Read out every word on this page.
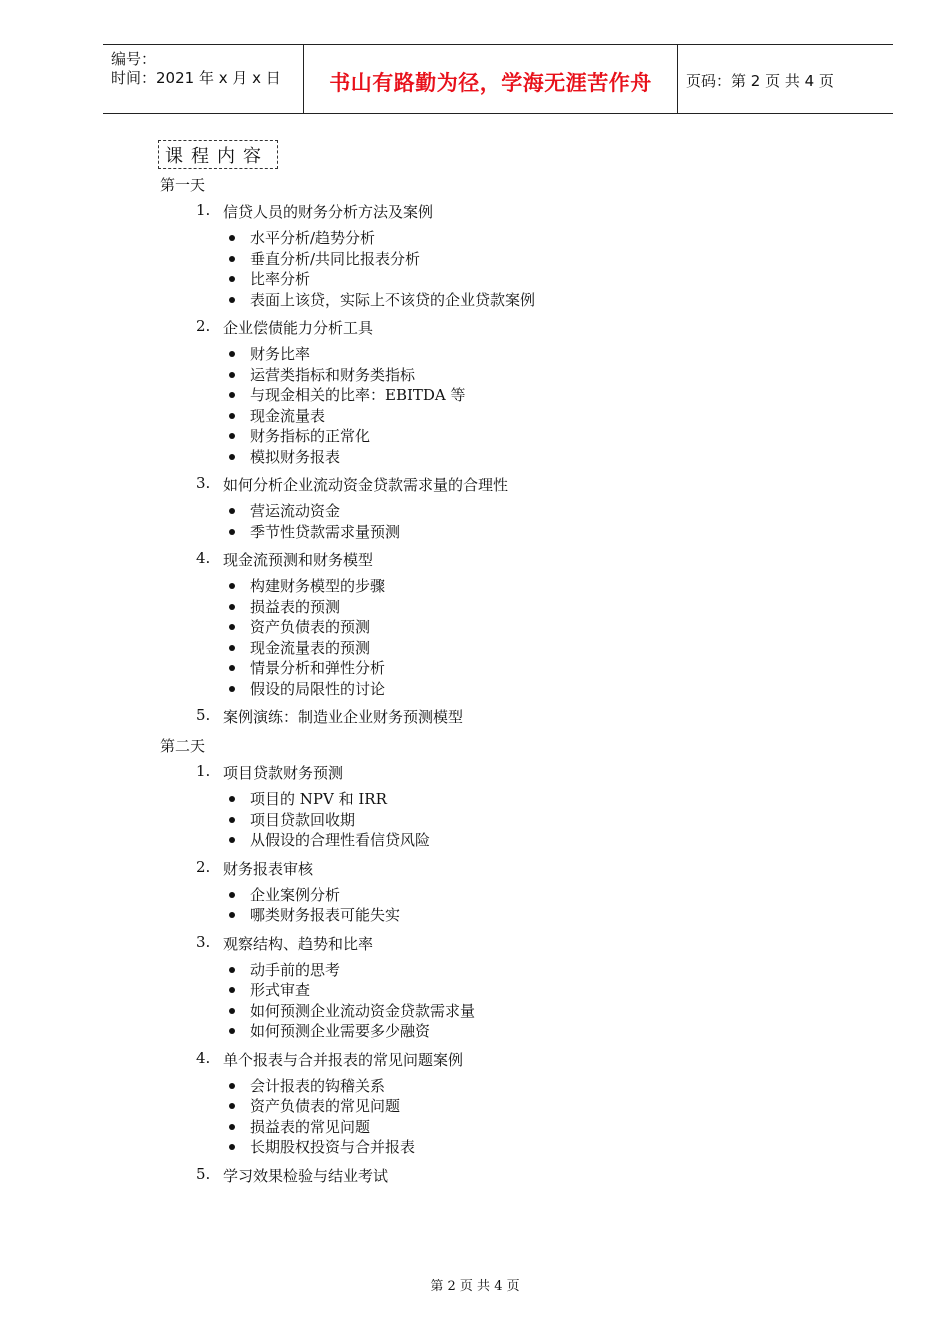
编号：
时间：2021 年 x 月 x 日	书山有路勤为径，学海无涯苦作舟	页码：第 2 页 共 4 页
课程内容
第一天
1. 信贷人员的财务分析方法及案例
水平分析/趋势分析
垂直分析/共同比报表分析
比率分析
表面上该贷，实际上不该贷的企业贷款案例
2. 企业偿债能力分析工具
财务比率
运营类指标和财务类指标
与现金相关的比率：EBITDA 等
现金流量表
财务指标的正常化
模拟财务报表
3. 如何分析企业流动资金贷款需求量的合理性
营运流动资金
季节性贷款需求量预测
4. 现金流预测和财务模型
构建财务模型的步骤
损益表的预测
资产负债表的预测
现金流量表的预测
情景分析和弹性分析
假设的局限性的讨论
5. 案例演练：制造业企业财务预测模型
第二天
1. 项目贷款财务预测
项目的 NPV 和 IRR
项目贷款回收期
从假设的合理性看信贷风险
2. 财务报表审核
企业案例分析
哪类财务报表可能失实
3. 观察结构、趋势和比率
动手前的思考
形式审查
如何预测企业流动资金贷款需求量
如何预测企业需要多少融资
4. 单个报表与合并报表的常见问题案例
会计报表的钩稽关系
资产负债表的常见问题
损益表的常见问题
长期股权投资与合并报表
5. 学习效果检验与结业考试
第 2 页 共 4 页
